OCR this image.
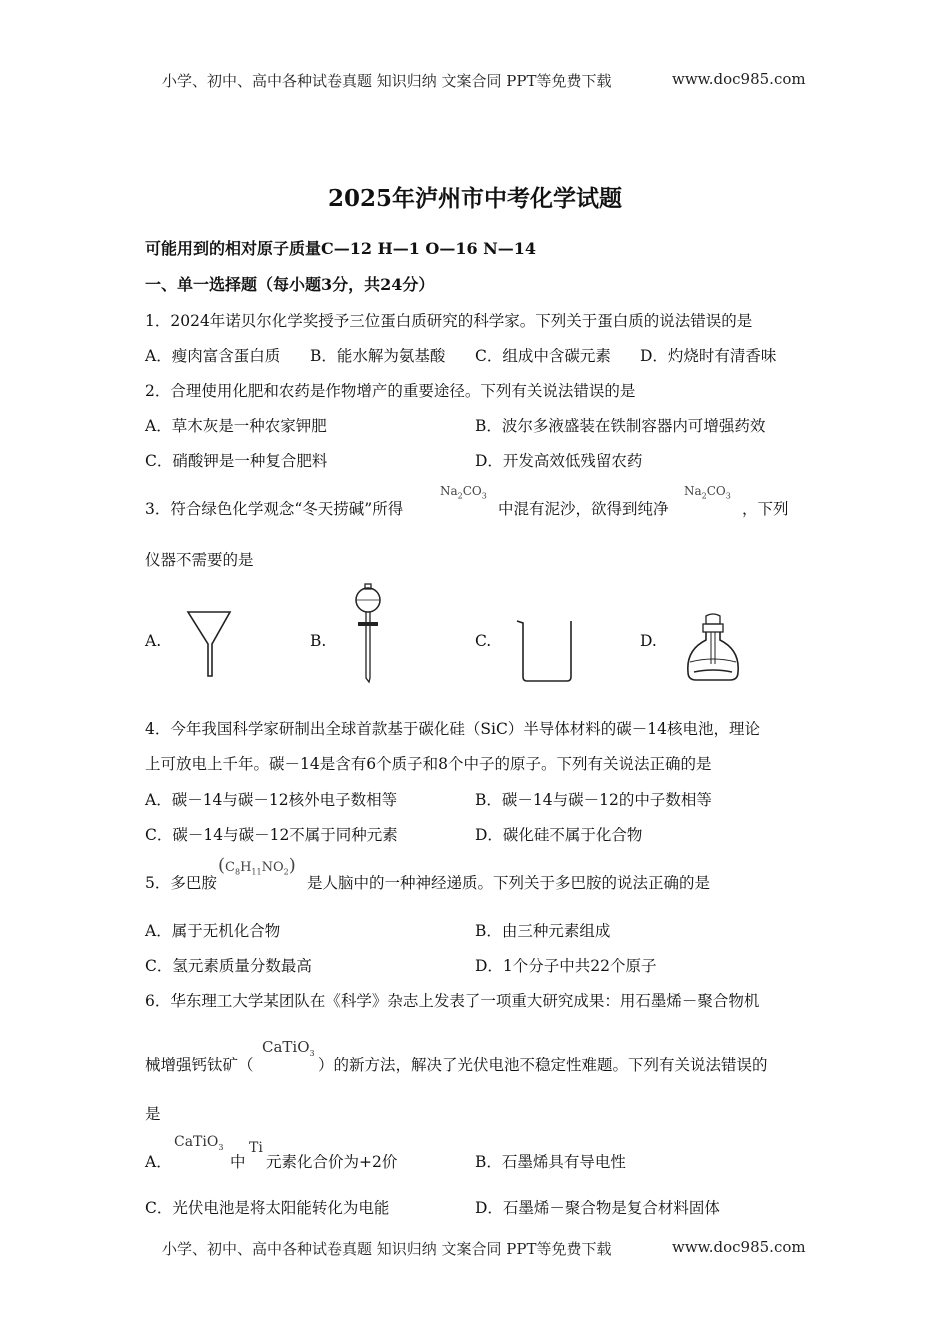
小学、初中、高中各种试卷真题 知识归纳 文案合同 PPT等免费下载	www.doc985.com
2025年泸州市中考化学试题
可能用到的相对原子质量C—12 H—1 O—16 N—14
一、单一选择题（每小题3分，共24分）
1．2024年诺贝尔化学奖授予三位蛋白质研究的科学家。下列关于蛋白质的说法错误的是
A．瘦肉富含蛋白质 B．能水解为氨基酸 C．组成中含碳元素 D．灼烧时有清香味
2．合理使用化肥和农药是作物增产的重要途径。下列有关说法错误的是
A．草木灰是一种农家钾肥	B．波尔多液盛装在铁制容器内可增强药效
C．硝酸钾是一种复合肥料	D．开发高效低残留农药
3．符合绿色化学观念“冬天捞碱”所得
$Na_2CO_3$
中混有泥沙，欲得到纯净
$Na_2CO_3$
，下列
仪器不需要的是
A.	B.	C.	D.
4．今年我国科学家研制出全球首款基于碳化硅（SiC）半导体材料的碳－14核电池，理论
上可放电上千年。碳－14是含有6个质子和8个中子的原子。下列有关说法正确的是
A．碳－14与碳－12核外电子数相等	B．碳－14与碳－12的中子数相等
C．碳－14与碳－12不属于同种元素	D．碳化硅不属于化合物
5．多巴胺
$(C_8H_{11}NO_2)$
是人脑中的一种神经递质。下列关于多巴胺的说法正确的是
A．属于无机化合物	B．由三种元素组成
C．氢元素质量分数最高	D．1个分子中共22个原子
6．华东理工大学某团队在《科学》杂志上发表了一项重大研究成果：用石墨烯－聚合物机
械增强钙钛矿（
CaTiO$_3$
）的新方法，解决了光伏电池不稳定性难题。下列有关说法错误的
是
A．
CaTiO$_3$
中
Ti
元素化合价为+2价	B．石墨烯具有导电性
C．光伏电池是将太阳能转化为电能	D．石墨烯－聚合物是复合材料固体
小学、初中、高中各种试卷真题 知识归纳 文案合同 PPT等免费下载	www.doc985.com
